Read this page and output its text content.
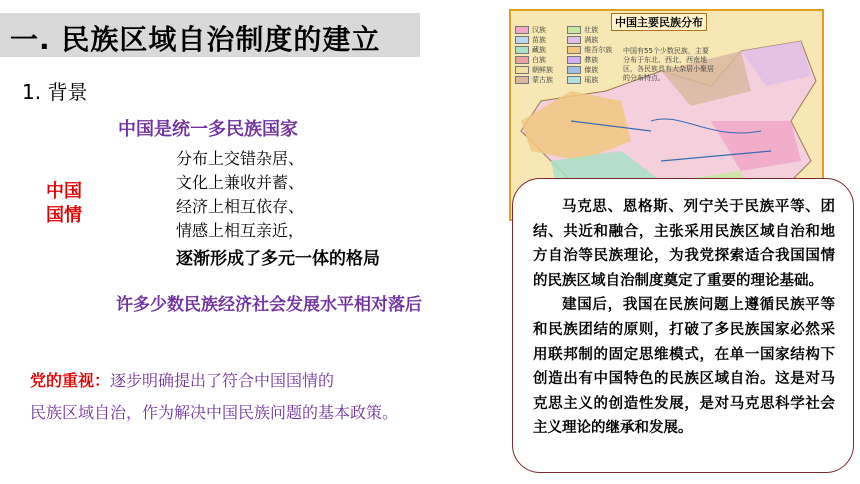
一. 民族区域自治制度的建立
1. 背景
中国是统一多民族国家
分布上交错杂居、
文化上兼收并蓄、
经济上相互依存、
情感上相互亲近，
逐渐形成了多元一体的格局
中国国情
许多少数民族经济社会发展水平相对落后
党的重视：逐步明确提出了符合中国国情的
民族区域自治，作为解决中国民族问题的基本政策。
中国主要民族分布
汉族	壮族 苗族	满族 藏族	维吾尔族 白族	彝族 朝鲜族	傣族 蒙古族	瑶族
中国有55个少数民族，主要分布于东北、西北、西南地区，各民族具有大杂居小聚居的分布特点。

马克思、恩格斯、列宁关于民族平等、团结、共近和融合，主张采用民族区域自治和地方自治等民族理论，为我党探索适合我国国情的民族区域自治制度奠定了重要的理论基础。

建国后，我国在民族问题上遵循民族平等和民族团结的原则，打破了多民族国家必然采用联邦制的固定思维模式，在单一国家结构下创造出有中国特色的民族区域自治。这是对马克思主义的创造性发展，是对马克思科学社会主义理论的继承和发展。
